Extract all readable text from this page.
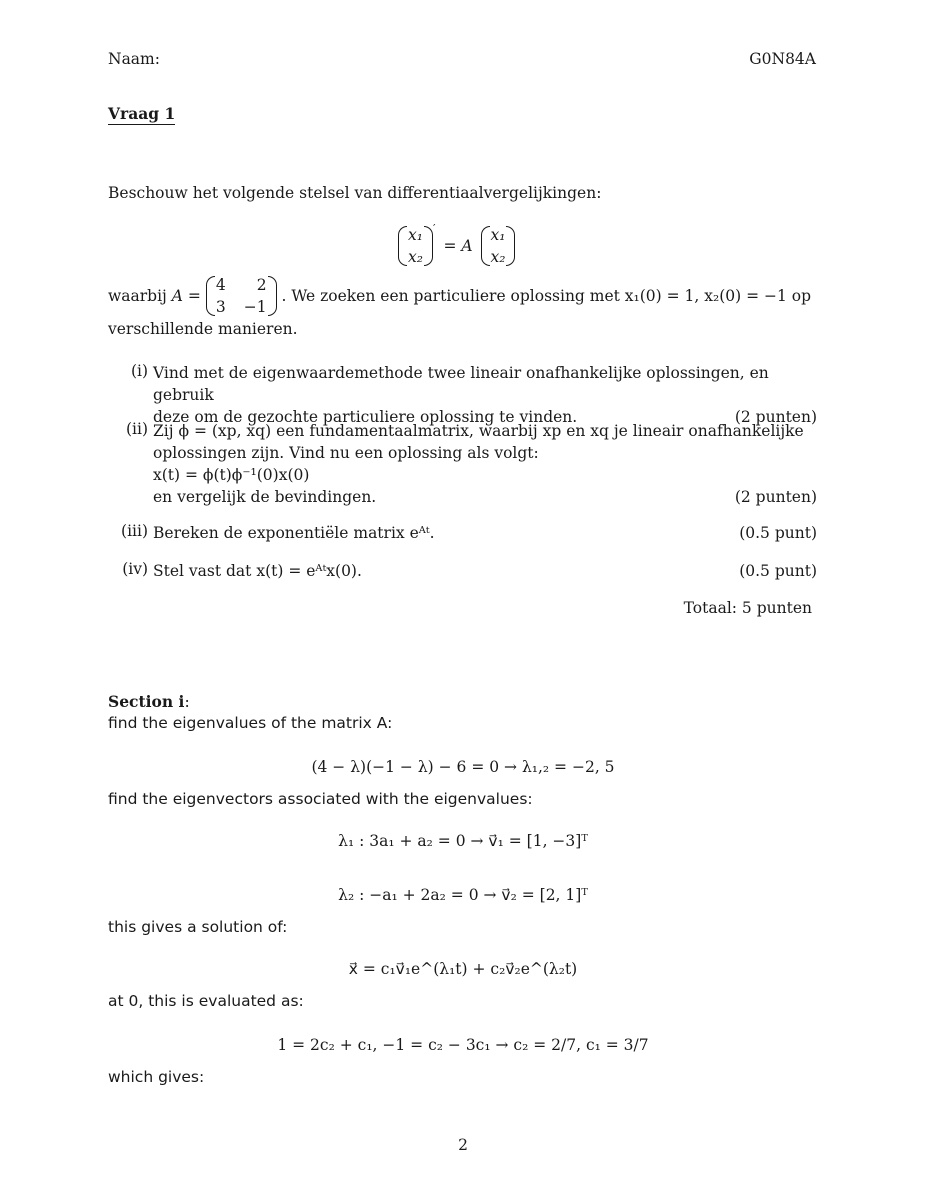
Naam:	G0N84A
Vraag 1
Beschouw het volgende stelsel van differentiaalvergelijkingen:
x₁
x₂
′ = A
x₁
x₂
waarbij A =
4	2
3 −1
. We zoeken een particuliere oplossing met x₁(0) = 1, x₂(0) = −1 op
verschillende manieren.
(i) Vind met de eigenwaardemethode twee lineair onafhankelijke oplossingen, en gebruik
deze om de gezochte particuliere oplossing te vinden.	(2 punten)
(ii) Zij ϕ = (xp, xq) een fundamentaalmatrix, waarbij xp en xq je lineair onafhankelijke
oplossingen zijn. Vind nu een oplossing als volgt:
x(t) = ϕ(t)ϕ⁻¹(0)x(0)
en vergelijk de bevindingen.	(2 punten)
(iii) Bereken de exponentiële matrix eᴬᵗ.	(0.5 punt)
(iv) Stel vast dat x(t) = eᴬᵗx(0).	(0.5 punt)
Totaal: 5 punten
Section i:
find the eigenvalues of the matrix A:
(4 − λ)(−1 − λ) − 6 = 0 → λ₁,₂ = −2, 5
find the eigenvectors associated with the eigenvalues:
λ₁ : 3a₁ + a₂ = 0 → v⃗₁ = [1, −3]ᵀ
λ₂ : −a₁ + 2a₂ = 0 → v⃗₂ = [2, 1]ᵀ
this gives a solution of:
x⃗ = c₁v⃗₁e^(λ₁t) + c₂v⃗₂e^(λ₂t)
at 0, this is evaluated as:
1 = 2c₂ + c₁, −1 = c₂ − 3c₁ → c₂ = 2/7, c₁ = 3/7
which gives:
2
